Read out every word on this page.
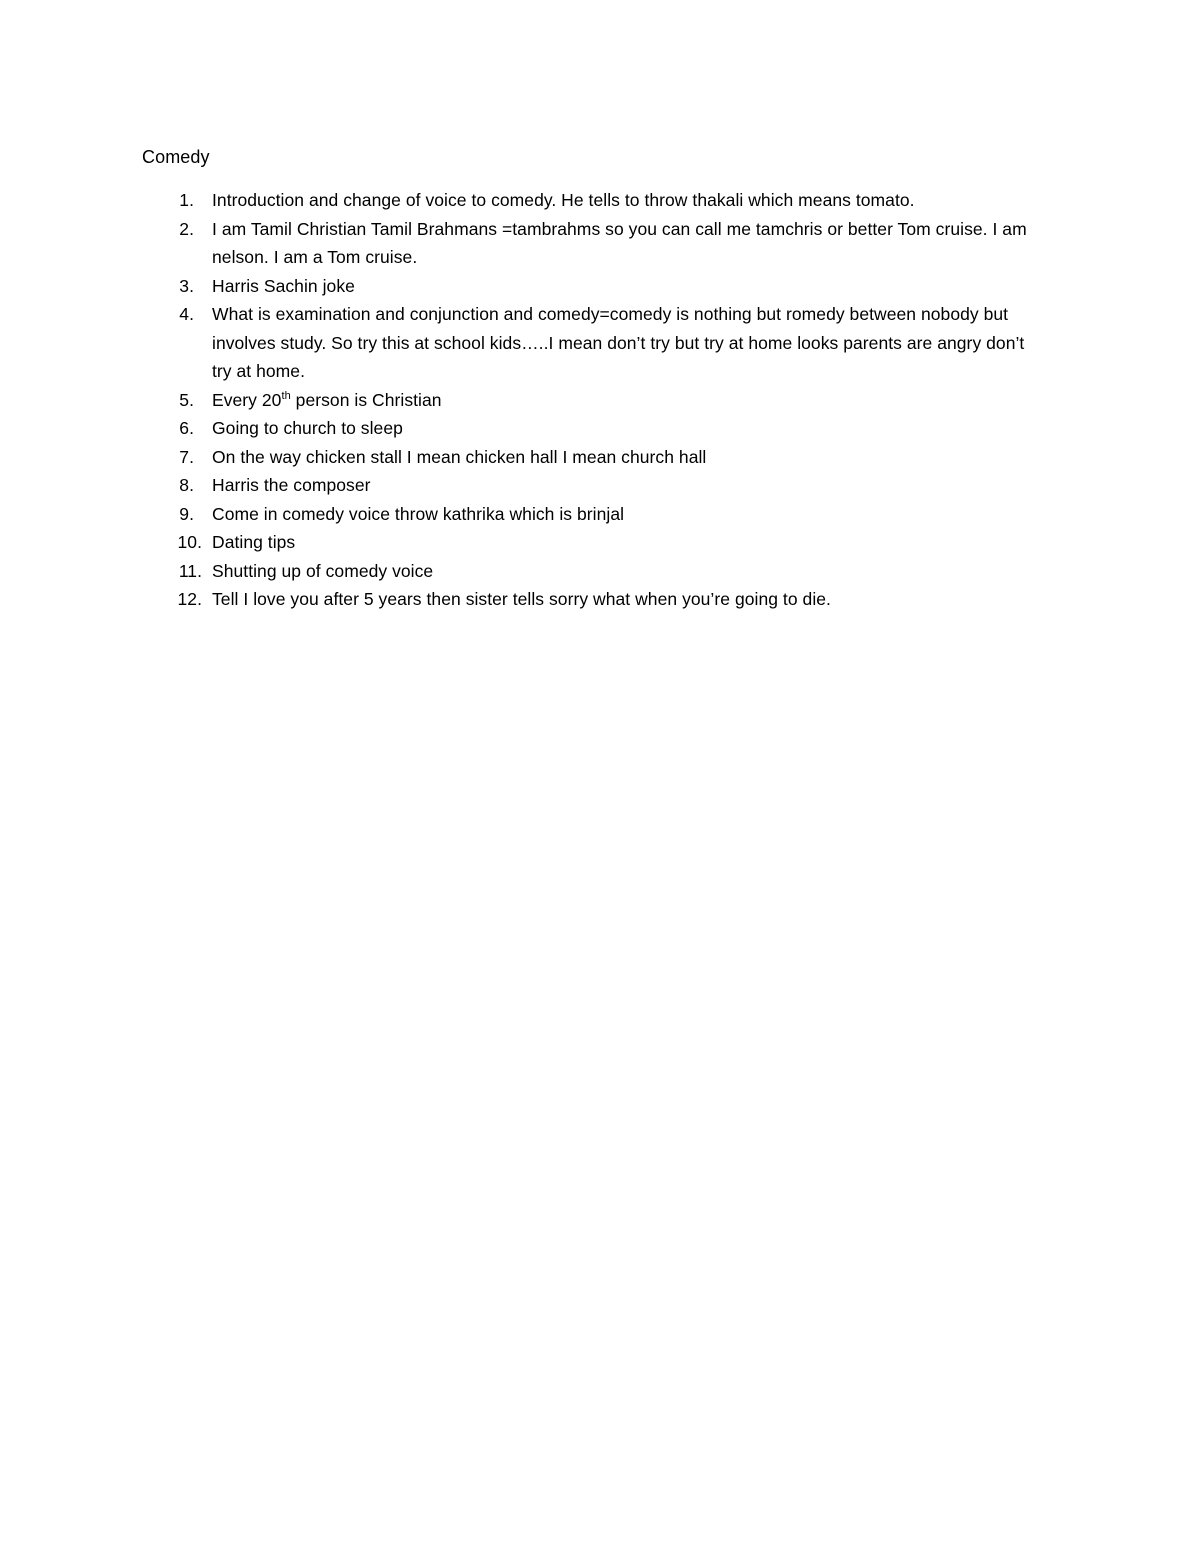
Comedy
1. Introduction and change of voice to comedy. He tells to throw thakali which means tomato.
2. I am Tamil Christian Tamil Brahmans =tambrahms so you can call me tamchris or better Tom cruise. I am nelson. I am a Tom cruise.
3. Harris Sachin joke
4. What is examination and conjunction and comedy=comedy is nothing but romedy between nobody but involves study. So try this at school kids…..I mean don’t try but try at home looks parents are angry don’t try at home.
5. Every 20th person is Christian
6. Going to church to sleep
7. On the way chicken stall I mean chicken hall I mean church hall
8. Harris the composer
9. Come in comedy voice throw kathrika which is brinjal
10. Dating tips
11. Shutting up of comedy voice
12. Tell I love you after 5 years then sister tells sorry what when you’re going to die.
